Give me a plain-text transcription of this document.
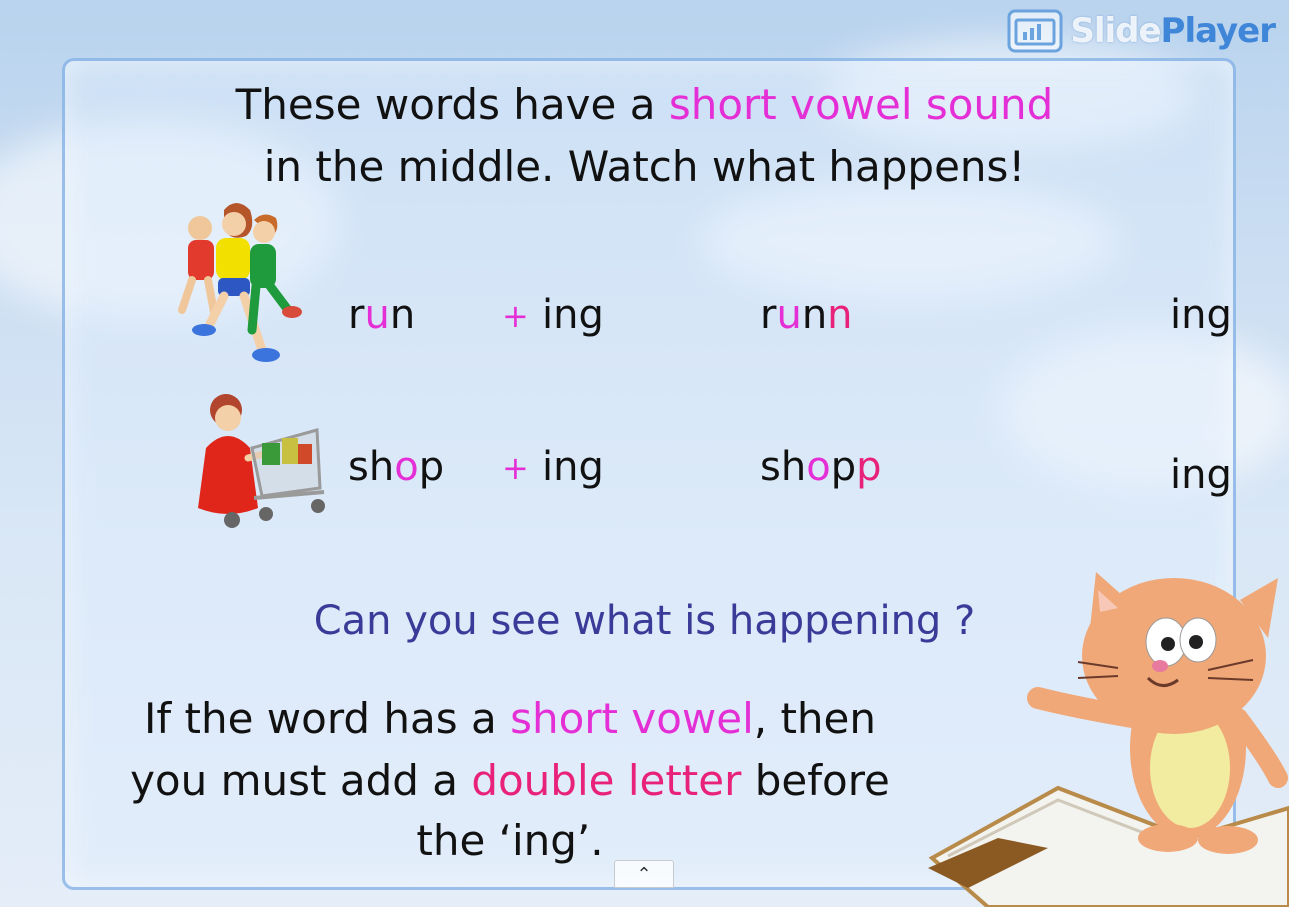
SlidePlayer
These words have a short vowel sound
in the middle. Watch what happens!
run	+ ing	runn	ing
shop + ing	shopp	ing
Can you see what is happening ?
If the word has a short vowel, then
you must add a double letter before
the ‘ing’.
⌃
